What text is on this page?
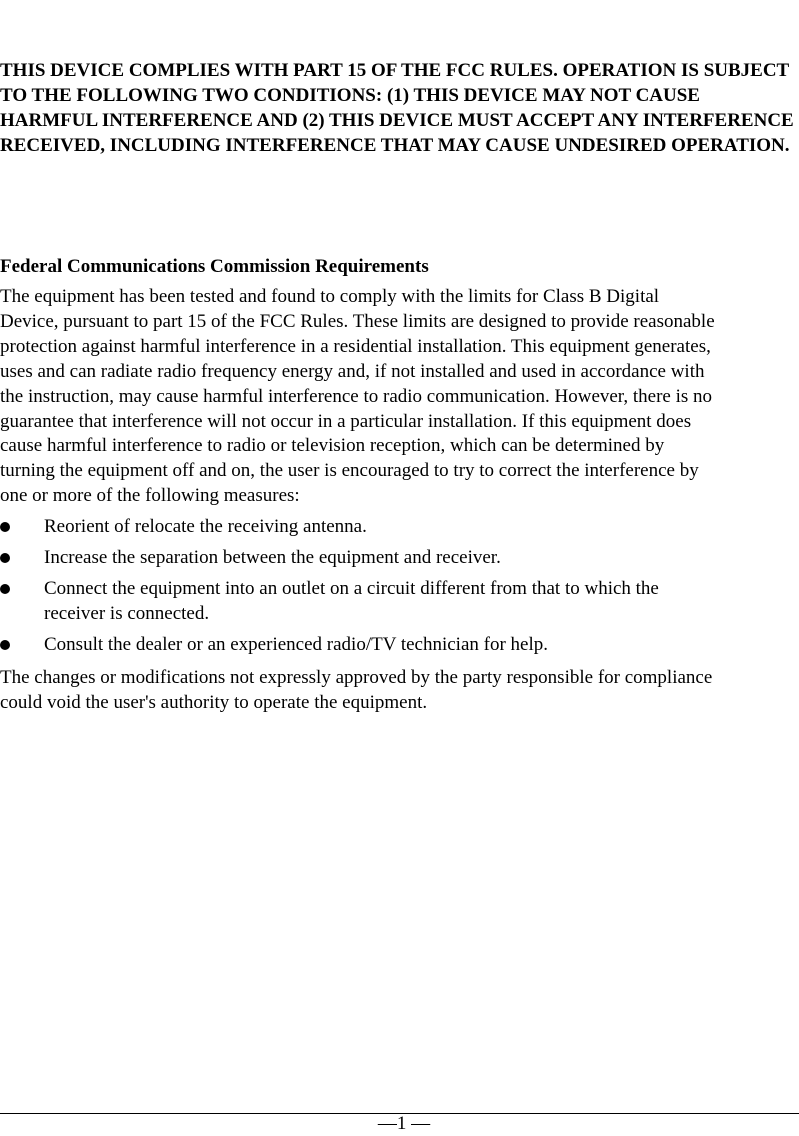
THIS DEVICE COMPLIES WITH PART 15 OF THE FCC RULES. OPERATION IS SUBJECT TO THE FOLLOWING TWO CONDITIONS: (1) THIS DEVICE MAY NOT CAUSE HARMFUL INTERFERENCE AND (2) THIS DEVICE MUST ACCEPT ANY INTERFERENCE RECEIVED, INCLUDING INTERFERENCE THAT MAY CAUSE UNDESIRED OPERATION.

Federal Communications Commission Requirements

The equipment has been tested and found to comply with the limits for Class B Digital
Device, pursuant to part 15 of the FCC Rules. These limits are designed to provide reasonable
protection against harmful interference in a residential installation. This equipment generates,
uses and can radiate radio frequency energy and, if not installed and used in accordance with
the instruction, may cause harmful interference to radio communication. However, there is no
guarantee that interference will not occur in a particular installation. If this equipment does
cause harmful interference to radio or television reception, which can be determined by
turning the equipment off and on, the user is encouraged to try to correct the interference by
one or more of the following measures:

Reorient of relocate the receiving antenna.
Increase the separation between the equipment and receiver.
Connect the equipment into an outlet on a circuit different from that to which the
receiver is connected.
Consult the dealer or an experienced radio/TV technician for help.

The changes or modifications not expressly approved by the party responsible for compliance
could void the user's authority to operate the equipment.

—1 —
